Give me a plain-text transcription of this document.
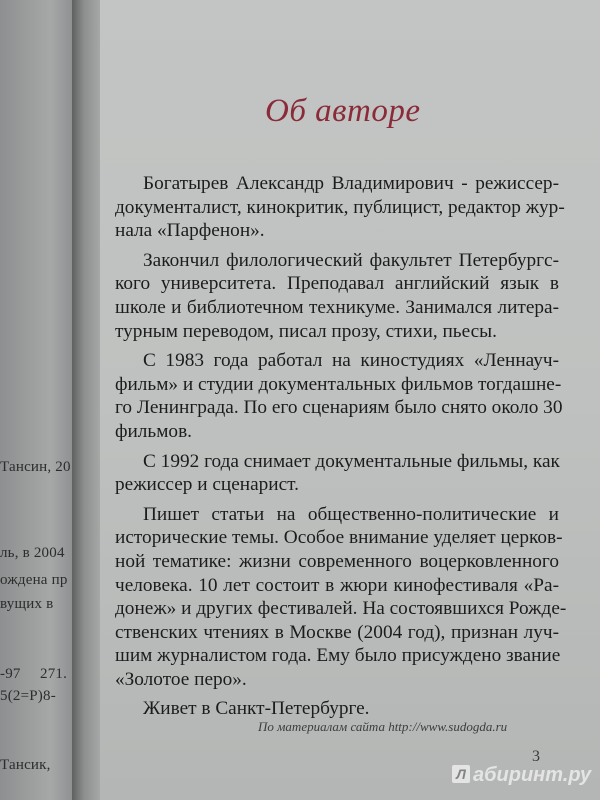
Тансин, 20
ль, в 2004
ождена пр
вущих в
-97 271.
5(2=Р)8-
Тансик,
Об авторе
Богатырев Александр Владимирович - режиссер-
документалист, кинокритик, публицист, редактор жур-
нала «Парфенон».
Закончил филологический факультет Петербургс-
кого университета. Преподавал английский язык в
школе и библиотечном техникуме. Занимался литера-
турным переводом, писал прозу, стихи, пьесы.
С 1983 года работал на киностудиях «Леннауч-
фильм» и студии документальных фильмов тогдашне-
го Ленинграда. По его сценариям было снято около 30
фильмов.
С 1992 года снимает документальные фильмы, как
режиссер и сценарист.
Пишет статьи на общественно-политические и
исторические темы. Особое внимание уделяет церков-
ной тематике: жизни современного воцерковленного
человека. 10 лет состоит в жюри кинофестиваля «Ра-
донеж» и других фестивалей. На состоявшихся Рожде-
ственских чтениях в Москве (2004 год), признан луч-
шим журналистом года. Ему было присуждено звание
«Золотое перо».
Живет в Санкт-Петербурге.
По материалам сайта http://www.sudogda.ru
3
Л абиринт.ру
